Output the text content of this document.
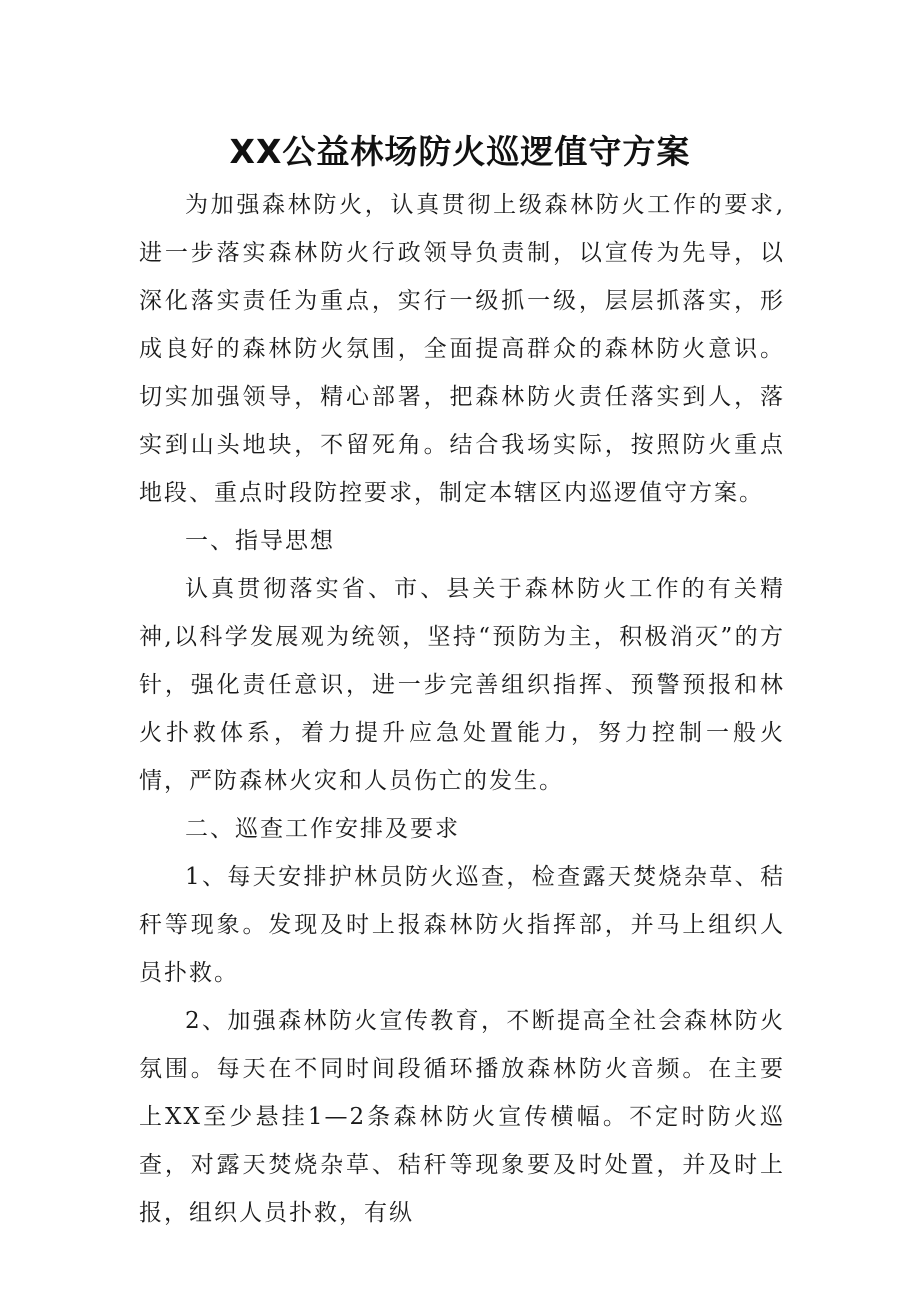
XX公益林场防火巡逻值守方案

为加强森林防火，认真贯彻上级森林防火工作的要求,进一步落实森林防火行政领导负责制，以宣传为先导，以深化落实责任为重点，实行一级抓一级，层层抓落实，形成良好的森林防火氛围，全面提高群众的森林防火意识。切实加强领导，精心部署，把森林防火责任落实到人，落实到山头地块，不留死角。结合我场实际，按照防火重点地段、重点时段防控要求，制定本辖区内巡逻值守方案。

一、指导思想

认真贯彻落实省、市、县关于森林防火工作的有关精神,以科学发展观为统领，坚持“预防为主，积极消灭”的方针，强化责任意识，进一步完善组织指挥、预警预报和林火扑救体系，着力提升应急处置能力，努力控制一般火情，严防森林火灾和人员伤亡的发生。

二、巡查工作安排及要求

1、每天安排护林员防火巡查，检查露天焚烧杂草、秸秆等现象。发现及时上报森林防火指挥部，并马上组织人员扑救。

2、加强森林防火宣传教育，不断提高全社会森林防火氛围。每天在不同时间段循环播放森林防火音频。在主要上XX至少悬挂1—2条森林防火宣传横幅。不定时防火巡查，对露天焚烧杂草、秸秆等现象要及时处置，并及时上报，组织人员扑救，有纵
